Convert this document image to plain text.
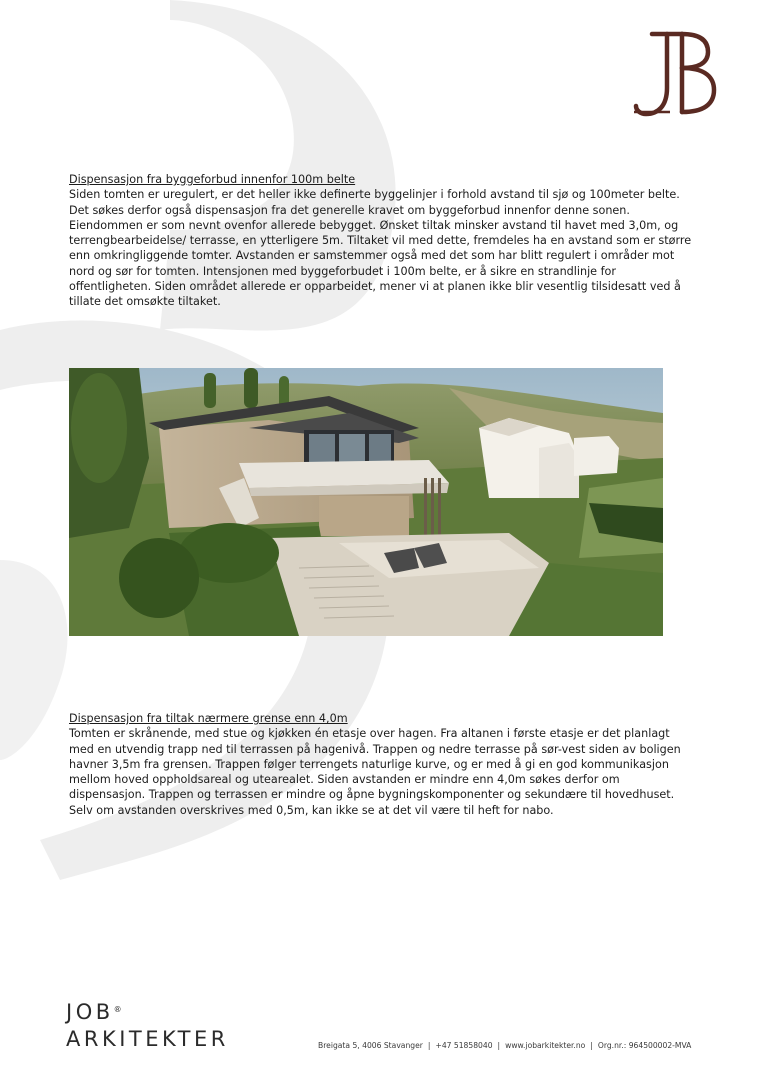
Dispensasjon fra byggeforbud innenfor 100m belte

Siden tomten er uregulert, er det heller ikke definerte byggelinjer i forhold avstand til sjø og 100meter belte.

Det søkes derfor også dispensasjon fra det generelle kravet om byggeforbud innenfor denne sonen.

Eiendommen er som nevnt ovenfor allerede bebygget. Ønsket tiltak minsker avstand til havet med 3,0m, og

terrengbearbeidelse/ terrasse, en ytterligere 5m. Tiltaket vil med dette, fremdeles ha en avstand som er større

enn omkringliggende tomter. Avstanden er samstemmer også med det som har blitt regulert i områder mot

nord og sør for tomten. Intensjonen med byggeforbudet i 100m belte, er å sikre en strandlinje for

offentligheten. Siden området allerede er opparbeidet, mener vi at planen ikke blir vesentlig tilsidesatt ved å

tillate det omsøkte tiltaket.

Dispensasjon fra tiltak nærmere grense enn 4,0m

Tomten er skrånende, med stue og kjøkken én etasje over hagen. Fra altanen i første etasje er det planlagt

med en utvendig trapp ned til terrassen på hagenivå. Trappen og nedre terrasse på sør-vest siden av boligen

havner 3,5m fra grensen. Trappen følger terrengets naturlige kurve, og er med å gi en god kommunikasjon

mellom hoved oppholdsareal og utearealet. Siden avstanden er mindre enn 4,0m søkes derfor om

dispensasjon. Trappen og terrassen er mindre og åpne bygningskomponenter og sekundære til hovedhuset.

Selv om avstanden overskrives med 0,5m, kan ikke se at det vil være til heft for nabo.

JOB®
ARKITEKTER	Breigata 5, 4006 Stavanger | +47 51858040 | www.jobarkitekter.no | Org.nr.: 964500002-MVA
